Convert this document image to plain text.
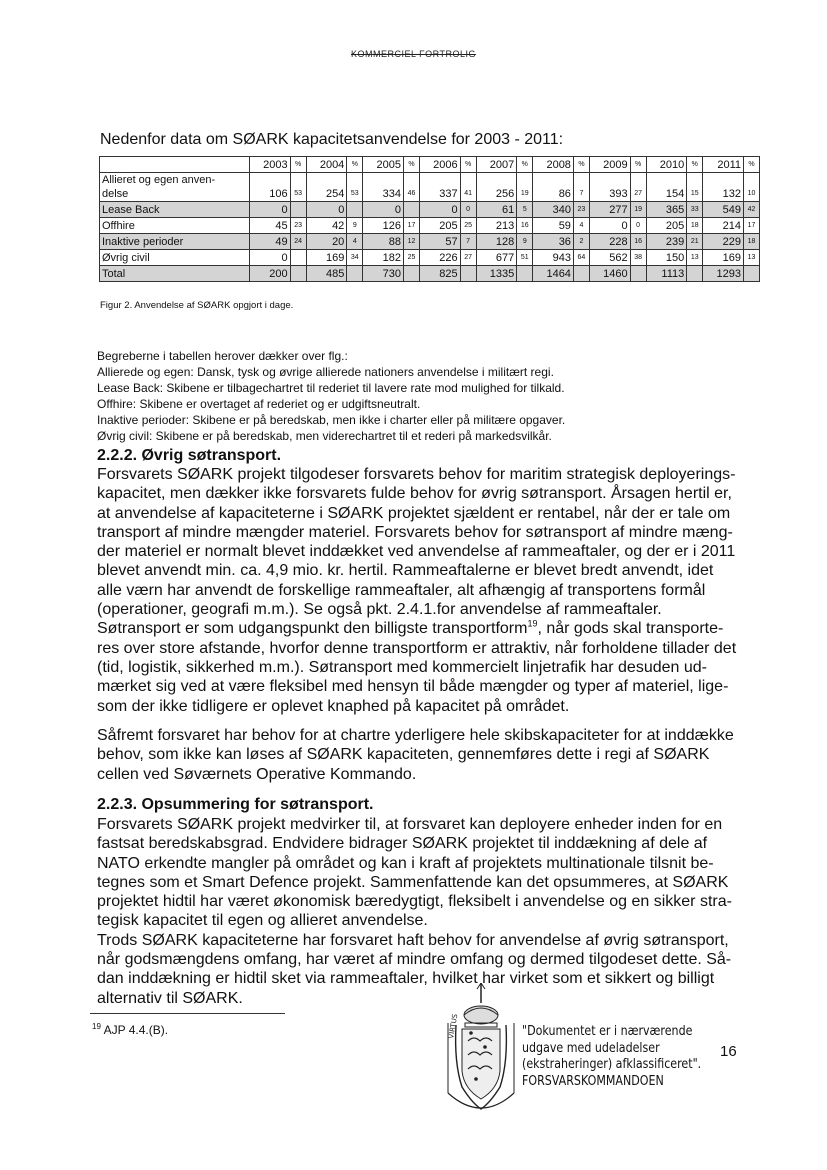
KOMMERCIEL FORTROLIG
Nedenfor data om SØARK kapacitetsanvendelse for 2003 - 2011:
	2003	%	2004	%	2005	%	2006	%	2007	%	2008	%	2009	%	2010	%	2011	%

Allieret og egen anven-
delse	106	53	254	53	334	46	337	41	256	19	86	7	393	27	154	15	132	10
Lease Back	0		0		0		0	0	61	5	340	23	277	19	365	33	549	42
Offhire	45	23	42	9	126	17	205	25	213	16	59	4	0	0	205	18	214	17
Inaktive perioder	49	24	20	4	88	12	57	7	128	9	36	2	228	16	239	21	229	18
Øvrig civil	0		169	34	182	25	226	27	677	51	943	64	562	38	150	13	169	13
Total	200		485		730		825		1335		1464		1460		1113		1293	
Figur 2. Anvendelse af SØARK opgjort i dage.
Begreberne i tabellen herover dækker over flg.:
Allierede og egen: Dansk, tysk og øvrige allierede nationers anvendelse i militært regi.
Lease Back: Skibene er tilbagechartret til rederiet til lavere rate mod mulighed for tilkald.
Offhire: Skibene er overtaget af rederiet og er udgiftsneutralt.
Inaktive perioder: Skibene er på beredskab, men ikke i charter eller på militære opgaver.
Øvrig civil: Skibene er på beredskab, men viderechartret til et rederi på markedsvilkår.
2.2.2. Øvrig søtransport.
Forsvarets SØARK projekt tilgodeser forsvarets behov for maritim strategisk deployerings-
kapacitet, men dækker ikke forsvarets fulde behov for øvrig søtransport. Årsagen hertil er,
at anvendelse af kapaciteterne i SØARK projektet sjældent er rentabel, når der er tale om
transport af mindre mængder materiel. Forsvarets behov for søtransport af mindre mæng-
der materiel er normalt blevet inddækket ved anvendelse af rammeaftaler, og der er i 2011
blevet anvendt min. ca. 4,9 mio. kr. hertil. Rammeaftalerne er blevet bredt anvendt, idet
alle værn har anvendt de forskellige rammeaftaler, alt afhængig af transportens formål
(operationer, geografi m.m.). Se også pkt. 2.4.1.for anvendelse af rammeaftaler.
Søtransport er som udgangspunkt den billigste transportform$^{19}$, når gods skal transporte-
res over store afstande, hvorfor denne transportform er attraktiv, når forholdene tillader det
(tid, logistik, sikkerhed m.m.). Søtransport med kommercielt linjetrafik har desuden ud-
mærket sig ved at være fleksibel med hensyn til både mængder og typer af materiel, lige-
som der ikke tidligere er oplevet knaphed på kapacitet på området.
Såfremt forsvaret har behov for at chartre yderligere hele skibskapaciteter for at inddække
behov, som ikke kan løses af SØARK kapaciteten, gennemføres dette i regi af SØARK
cellen ved Søværnets Operative Kommando.
2.2.3. Opsummering for søtransport.
Forsvarets SØARK projekt medvirker til, at forsvaret kan deployere enheder inden for en
fastsat beredskabsgrad. Endvidere bidrager SØARK projektet til inddækning af dele af
NATO erkendte mangler på området og kan i kraft af projektets multinationale tilsnit be-
tegnes som et Smart Defence projekt. Sammenfattende kan det opsummeres, at SØARK
projektet hidtil har været økonomisk bæredygtigt, fleksibelt i anvendelse og en sikker stra-
tegisk kapacitet til egen og allieret anvendelse.
Trods SØARK kapaciteterne har forsvaret haft behov for anvendelse af øvrig søtransport,
når godsmængdens omfang, har været af mindre omfang og dermed tilgodeset dette. Så-
dan inddækning er hidtil sket via rammeaftaler, hvilket har virket som et sikkert og billigt
alternativ til SØARK.
$^{19}$ AJP 4.4.(B).	VIRTUS	"Dokumentet er i nærværende
udgave med udeladelser
(ekstraheringer) afklassificeret".
FORSVARSKOMMANDOEN
16
